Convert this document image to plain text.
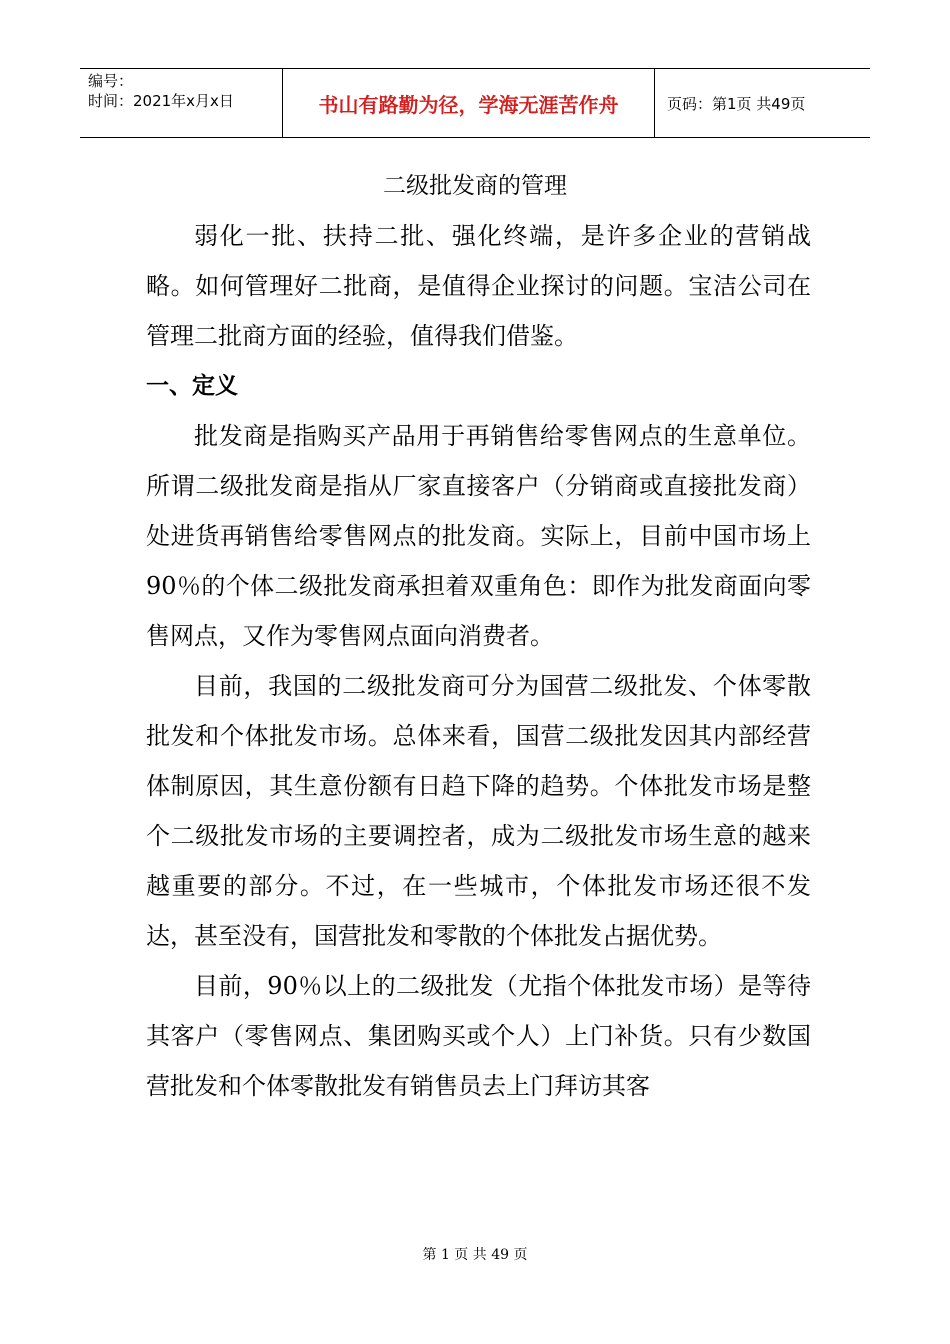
编号：
时间：2021年x月x日	书山有路勤为径，学海无涯苦作舟	页码：第1页 共49页
二级批发商的管理

弱化一批、扶持二批、强化终端，是许多企业的营销战略。如何管理好二批商，是值得企业探讨的问题。宝洁公司在管理二批商方面的经验，值得我们借鉴。

一、定义

批发商是指购买产品用于再销售给零售网点的生意单位。所谓二级批发商是指从厂家直接客户（分销商或直接批发商）处进货再销售给零售网点的批发商。实际上，目前中国市场上90％的个体二级批发商承担着双重角色：即作为批发商面向零售网点，又作为零售网点面向消费者。

目前，我国的二级批发商可分为国营二级批发、个体零散批发和个体批发市场。总体来看，国营二级批发因其内部经营体制原因，其生意份额有日趋下降的趋势。个体批发市场是整个二级批发市场的主要调控者，成为二级批发市场生意的越来越重要的部分。不过，在一些城市，个体批发市场还很不发达，甚至没有，国营批发和零散的个体批发占据优势。

目前，90％以上的二级批发（尤指个体批发市场）是等待其客户（零售网点、集团购买或个人）上门补货。只有少数国营批发和个体零散批发有销售员去上门拜访其客

第 1 页 共 49 页
